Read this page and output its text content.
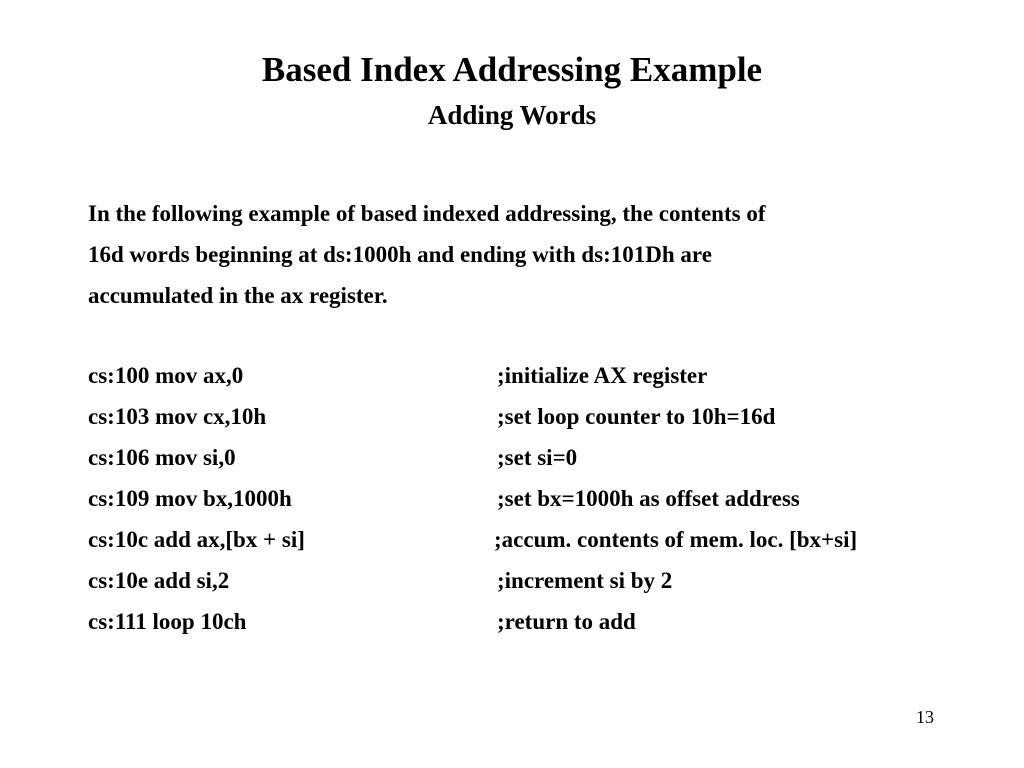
Based Index Addressing Example
Adding Words
In the following example of based indexed addressing, the contents of
16d words beginning at ds:1000h and ending with ds:101Dh are
accumulated in the ax register.
cs:100 mov ax,0	;initialize AX register
cs:103 mov cx,10h	;set loop counter to 10h=16d
cs:106 mov si,0	;set si=0
cs:109 mov bx,1000h	;set bx=1000h as offset address
cs:10c add ax,[bx + si]	;accum. contents of mem. loc. [bx+si]
cs:10e add si,2	;increment si by 2
cs:111 loop 10ch	;return to add
13
